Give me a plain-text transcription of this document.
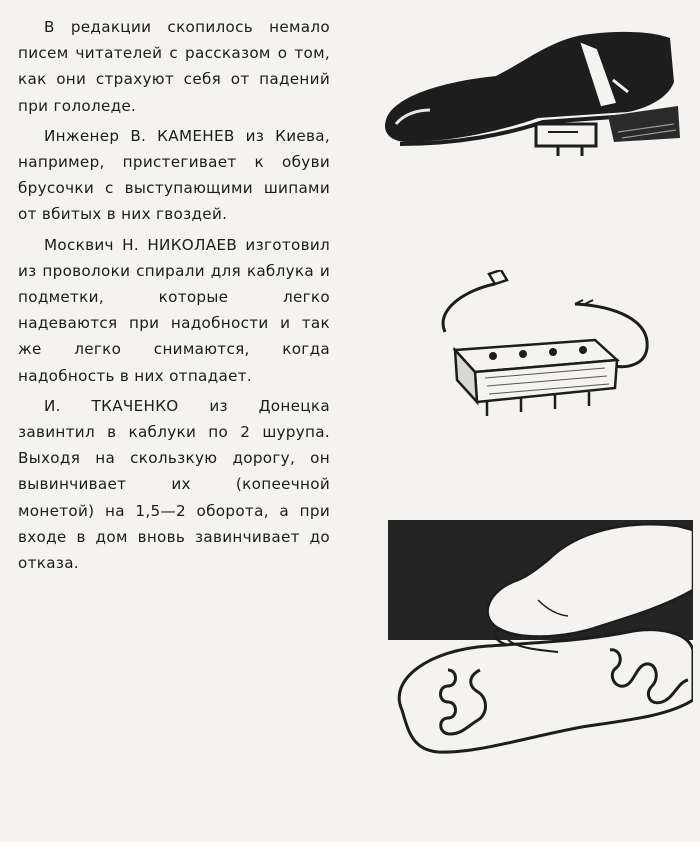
В редакции скопилось немало писем читателей с рассказом о том, как они страхуют себя от падений при гололеде.

Инженер В. КАМЕНЕВ из Киева, например, пристегивает к обуви брусочки с выступающими шипами от вбитых в них гвоздей.

Москвич Н. НИКОЛАЕВ изготовил из проволоки спирали для каблука и подметки, которые легко надеваются при надобности и так же легко снимаются, когда надобность в них отпадает.

И. ТКАЧЕНКО из Донецка завинтил в каблуки по 2 шурупа. Выходя на скользкую дорогу, он вывинчивает их (копеечной монетой) на 1,5—2 оборота, а при входе в дом вновь завинчивает до отказа.
